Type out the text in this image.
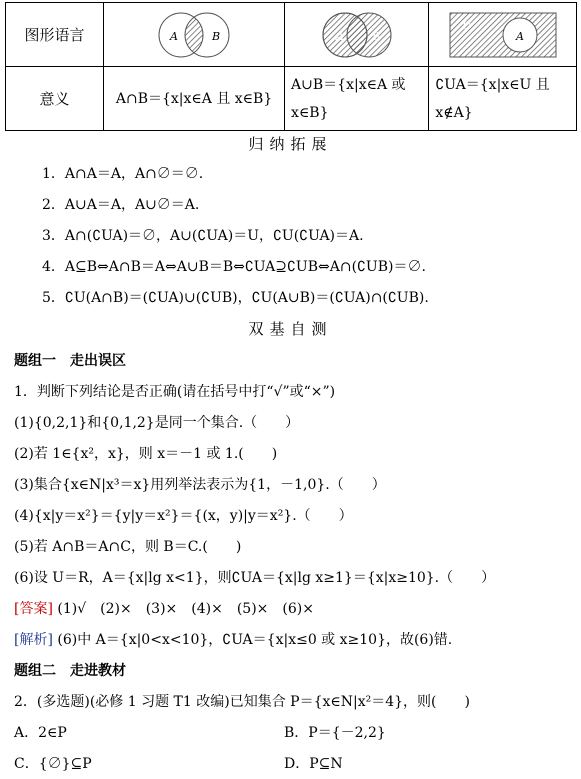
图形语言	A B	A B	U
A

意义	A∩B＝{x|x∈A 且 x∈B}	A∪B＝{x|x∈A 或 x∈B}	∁UA＝{x|x∈U 且 x∉A}
归纳拓展
1．A∩A＝A，A∩∅＝∅.
2．A∪A＝A，A∪∅＝A.
3．A∩(∁UA)＝∅，A∪(∁UA)＝U，∁U(∁UA)＝A.
4．A⊆B⇔A∩B＝A⇔A∪B＝B⇔∁UA⊇∁UB⇔A∩(∁UB)＝∅.
5．∁U(A∩B)＝(∁UA)∪(∁UB)，∁U(A∪B)＝(∁UA)∩(∁UB).
双基自测
题组一　走出误区
1．判断下列结论是否正确(请在括号中打“√”或“×”)
(1){0,2,1}和{0,1,2}是同一个集合.（　　）
(2)若 1∈{x²，x}，则 x＝－1 或 1.(　　)
(3)集合{x∈N|x³＝x}用列举法表示为{1，－1,0}.（　　）
(4){x|y＝x²}＝{y|y＝x²}＝{(x，y)|y＝x²}.（　　）
(5)若 A∩B＝A∩C，则 B＝C.(　　)
(6)设 U＝R，A＝{x|lg x<1}，则∁UA＝{x|lg x≥1}＝{x|x≥10}.（　　）
[答案] (1)√　(2)×　(3)×　(4)×　(5)×　(6)×
[解析] (6)中 A＝{x|0<x<10}，∁UA＝{x|x≤0 或 x≥10}，故(6)错.
题组二　走进教材
2．(多选题)(必修 1 习题 T1 改编)已知集合 P＝{x∈N|x²＝4}，则(　　)
A．2∈P	B．P＝{－2,2}
C．{∅}⊆P	D．P⊆N
